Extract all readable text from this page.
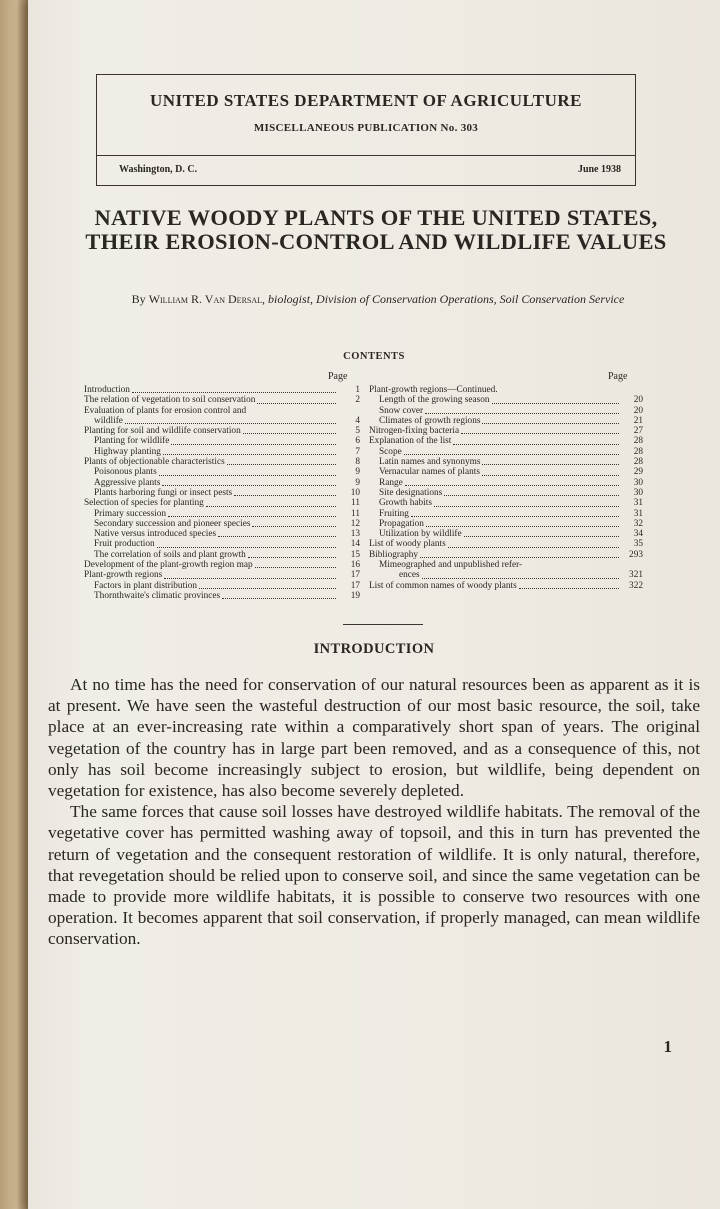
UNITED STATES DEPARTMENT OF AGRICULTURE
MISCELLANEOUS PUBLICATION No. 303
Washington, D. C.	June 1938
NATIVE WOODY PLANTS OF THE UNITED STATES, THEIR EROSION-CONTROL AND WILDLIFE VALUES
By William R. Van Dersal, biologist, Division of Conservation Operations, Soil Conservation Service
CONTENTS
Page	Page
Introduction	1
The relation of vegetation to soil conservation	2
Evaluation of plants for erosion control and
wildlife	4
Planting for soil and wildlife conservation	5
Planting for wildlife	6
Highway planting	7
Plants of objectionable characteristics	8
Poisonous plants	9
Aggressive plants	9
Plants harboring fungi or insect pests	10
Selection of species for planting	11
Primary succession	11
Secondary succession and pioneer species	12
Native versus introduced species	13
Fruit production	14
The correlation of soils and plant growth	15
Development of the plant-growth region map	16
Plant-growth regions	17
Factors in plant distribution	17
Thornthwaite's climatic provinces	19
Plant-growth regions—Continued.
Length of the growing season	20
Snow cover	20
Climates of growth regions	21
Nitrogen-fixing bacteria	27
Explanation of the list	28
Scope	28
Latin names and synonyms	28
Vernacular names of plants	29
Range	30
Site designations	30
Growth habits	31
Fruiting	31
Propagation	32
Utilization by wildlife	34
List of woody plants	35
Bibliography	293
Mimeographed and unpublished refer-
ences	321
List of common names of woody plants	322
INTRODUCTION

At no time has the need for conservation of our natural resources been as apparent as it is at present. We have seen the wasteful destruction of our most basic resource, the soil, take place at an ever-increasing rate within a comparatively short span of years. The original vegetation of the country has in large part been removed, and as a consequence of this, not only has soil become increasingly subject to erosion, but wildlife, being dependent on vegetation for existence, has also become severely depleted.

The same forces that cause soil losses have destroyed wildlife habitats. The removal of the vegetative cover has permitted washing away of topsoil, and this in turn has prevented the return of vegetation and the consequent restoration of wildlife. It is only natural, therefore, that revegetation should be relied upon to conserve soil, and since the same vegetation can be made to provide more wildlife habitats, it is possible to conserve two resources with one operation. It becomes apparent that soil conservation, if properly managed, can mean wildlife conservation.

1
